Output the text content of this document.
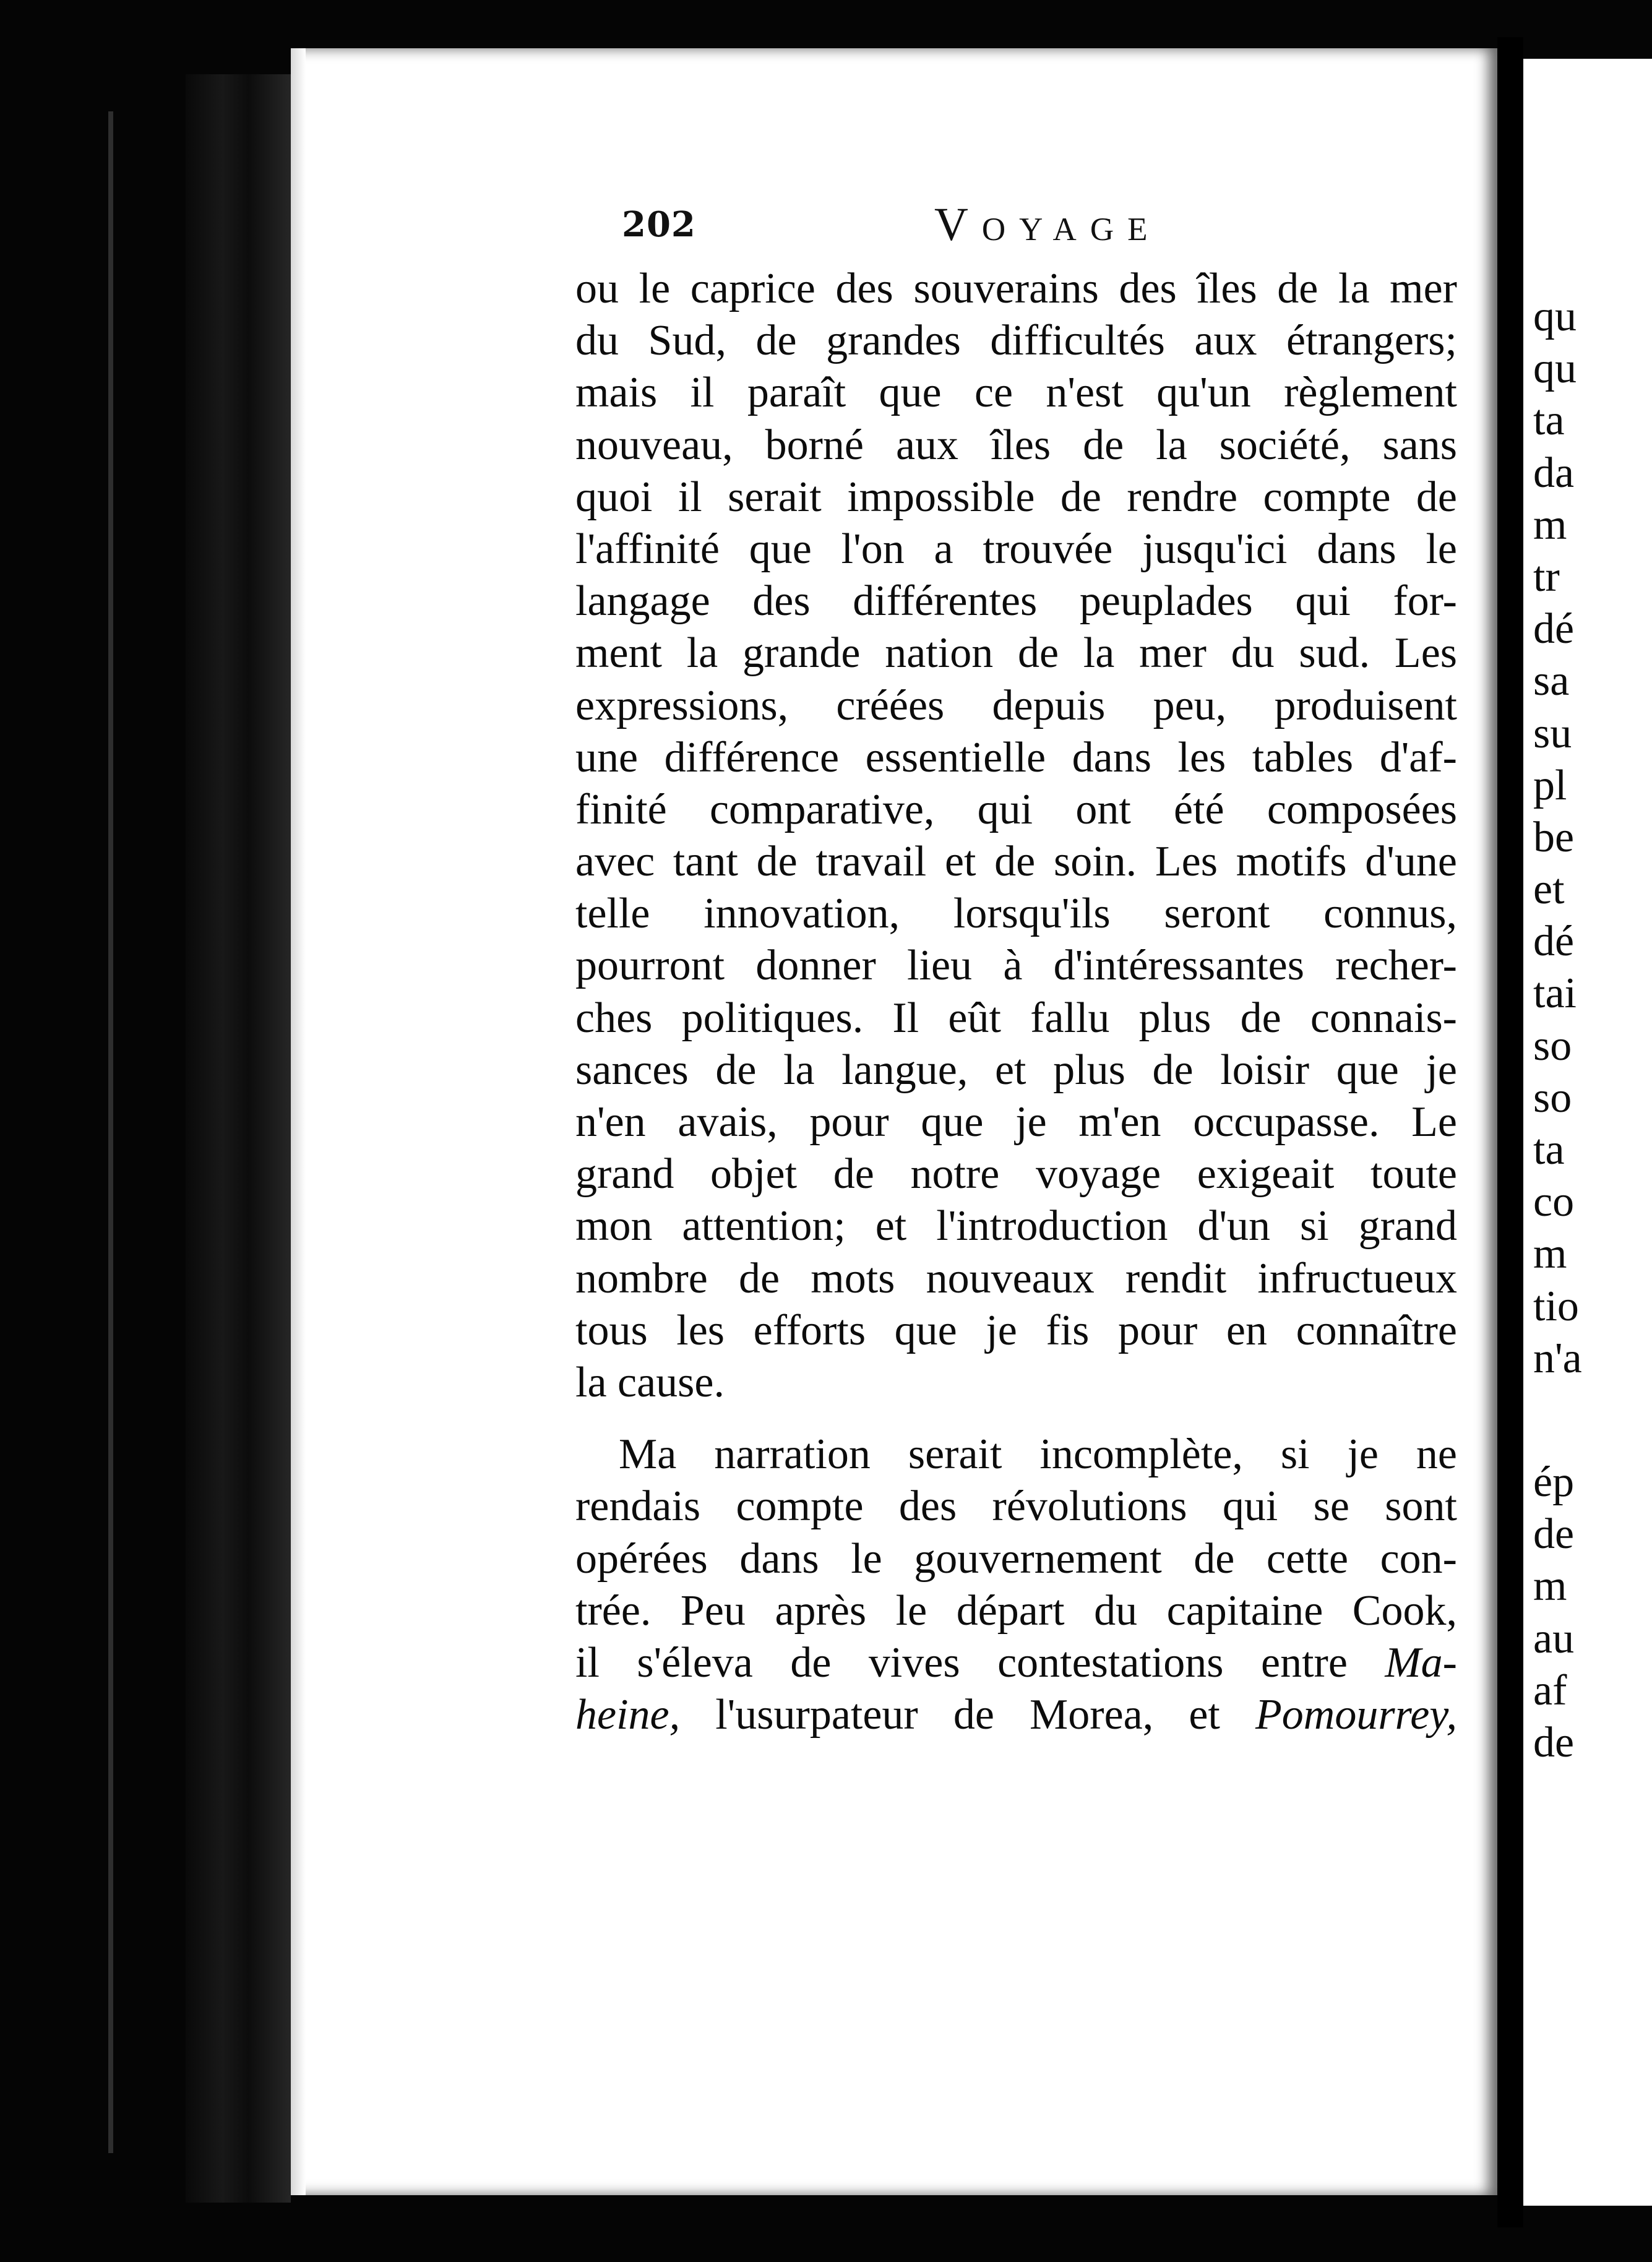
202	Voyage
ou le caprice des souverains des îles de la mer
du Sud, de grandes difficultés aux étrangers;
mais il paraît que ce n'est qu'un règlement
nouveau, borné aux îles de la société, sans
quoi il serait impossible de rendre compte de
l'affinité que l'on a trouvée jusqu'ici dans le
langage des différentes peuplades qui for-
ment la grande nation de la mer du sud. Les
expressions, créées depuis peu, produisent
une différence essentielle dans les tables d'af-
finité comparative, qui ont été composées
avec tant de travail et de soin. Les motifs d'une
telle innovation, lorsqu'ils seront connus,
pourront donner lieu à d'intéressantes recher-
ches politiques. Il eût fallu plus de connais-
sances de la langue, et plus de loisir que je
n'en avais, pour que je m'en occupasse. Le
grand objet de notre voyage exigeait toute
mon attention; et l'introduction d'un si grand
nombre de mots nouveaux rendit infructueux
tous les efforts que je fis pour en connaître
la cause.
Ma narration serait incomplète, si je ne
rendais compte des révolutions qui se sont
opérées dans le gouvernement de cette con-
trée. Peu après le départ du capitaine Cook,
il s'éleva de vives contestations entre Ma-
heine, l'usurpateur de Morea, et Pomourrey,
qu
qu
ta
da
m
tr
dé
sa
su
pl
be
et
dé
tai
so
so
ta
co
m
tio
n'a
ép
de
m
au
af
de
